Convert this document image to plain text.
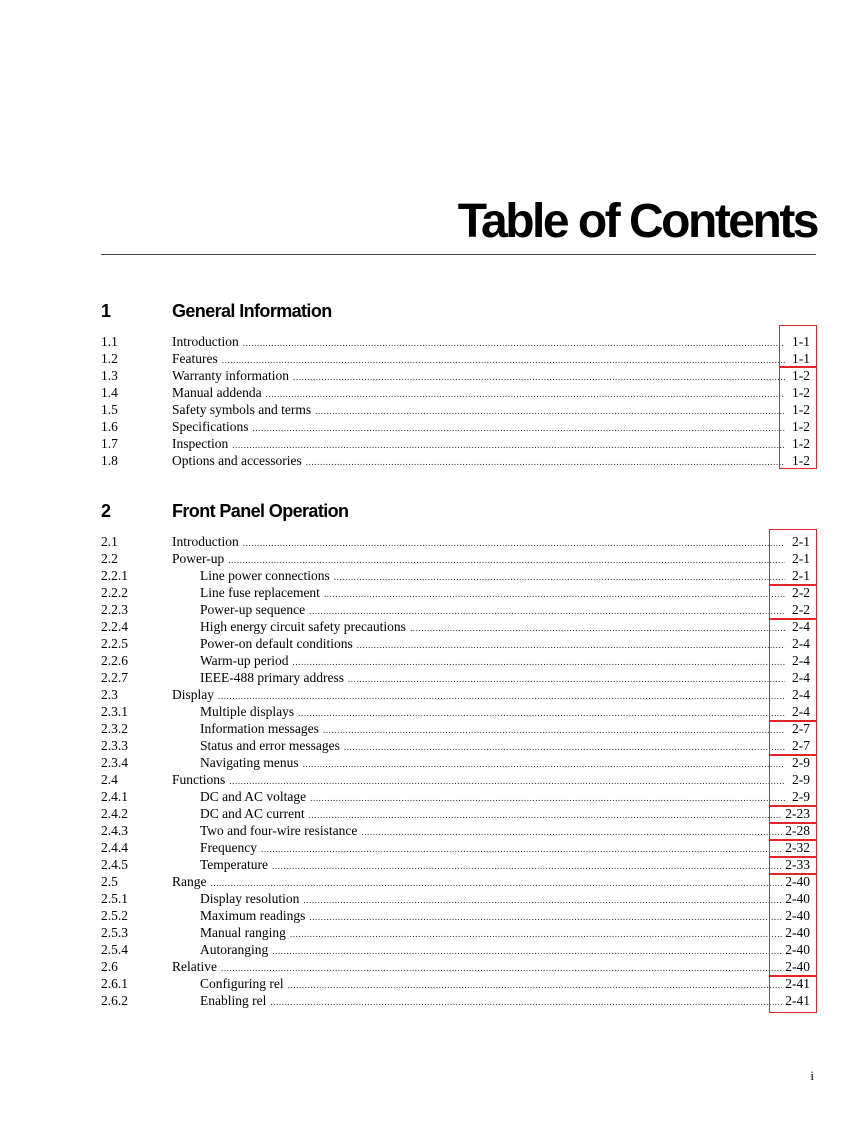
Table of Contents
1	General Information
1.1	Introduction .....	1-1
1.2	Features .....	1-1
1.3	Warranty information .....	1-2
1.4	Manual addenda .....	1-2
1.5	Safety symbols and terms .....	1-2
1.6	Specifications .....	1-2
1.7	Inspection .....	1-2
1.8	Options and accessories .....	1-2
2	Front Panel Operation
2.1	Introduction .....	2-1
2.2	Power-up .....	2-1
2.2.1	Line power connections .....	2-1
2.2.2	Line fuse replacement .....	2-2
2.2.3	Power-up sequence .....	2-2
2.2.4	High energy circuit safety precautions .....	2-4
2.2.5	Power-on default conditions .....	2-4
2.2.6	Warm-up period .....	2-4
2.2.7	IEEE-488 primary address .....	2-4
2.3	Display .....	2-4
2.3.1	Multiple displays .....	2-4
2.3.2	Information messages .....	2-7
2.3.3	Status and error messages .....	2-7
2.3.4	Navigating menus .....	2-9
2.4	Functions .....	2-9
2.4.1	DC and AC voltage .....	2-9
2.4.2	DC and AC current .....	2-23
2.4.3	Two and four-wire resistance .....	2-28
2.4.4	Frequency .....	2-32
2.4.5	Temperature .....	2-33
2.5	Range .....	2-40
2.5.1	Display resolution .....	2-40
2.5.2	Maximum readings .....	2-40
2.5.3	Manual ranging .....	2-40
2.5.4	Autoranging .....	2-40
2.6	Relative .....	2-40
2.6.1	Configuring rel .....	2-41
2.6.2	Enabling rel .....	2-41
i
